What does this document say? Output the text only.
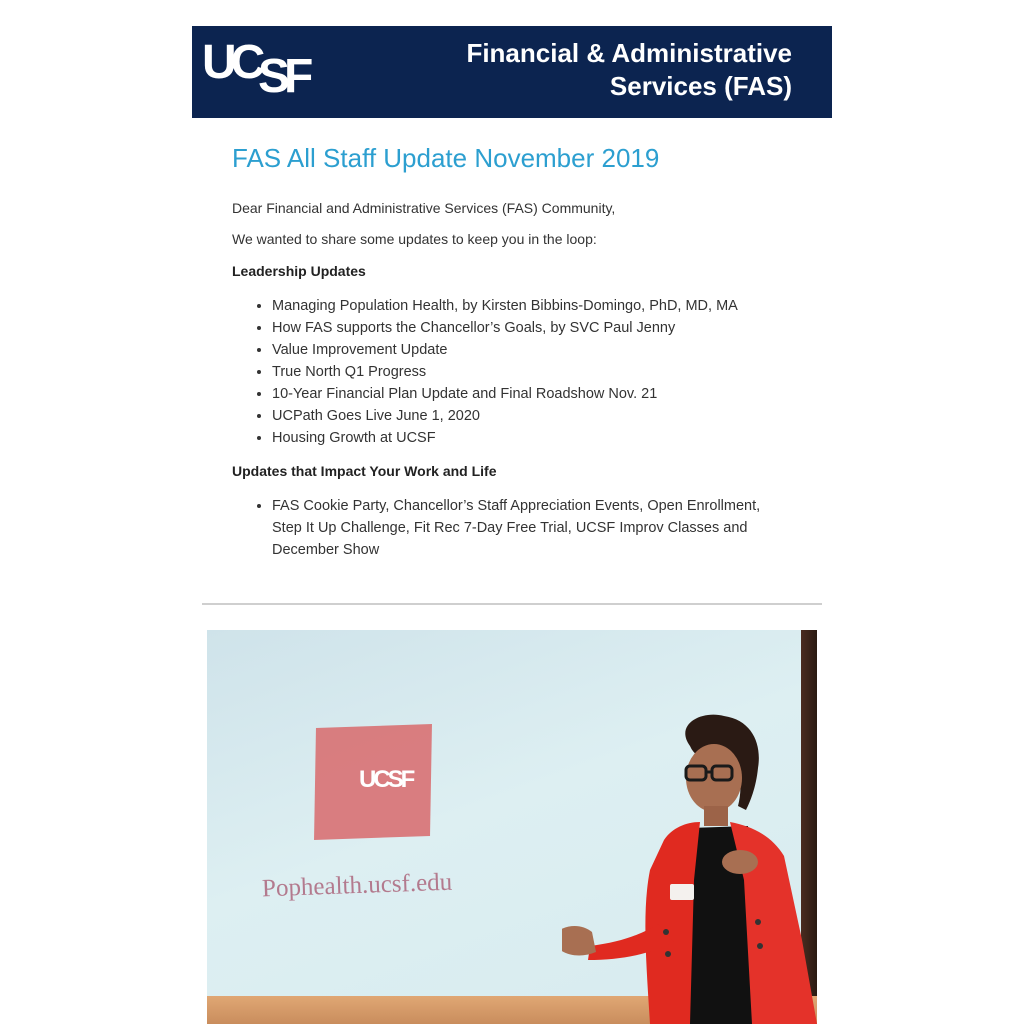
UC
SF	Financial & Administrative
Services (FAS)
FAS All Staff Update November 2019

Dear Financial and Administrative Services (FAS) Community,

We wanted to share some updates to keep you in the loop:

Leadership Updates

• Managing Population Health, by Kirsten Bibbins-Domingo, PhD, MD, MA
• How FAS supports the Chancellor’s Goals, by SVC Paul Jenny
• Value Improvement Update
• True North Q1 Progress
• 10-Year Financial Plan Update and Final Roadshow Nov. 21
• UCPath Goes Live June 1, 2020
• Housing Growth at UCSF

Updates that Impact Your Work and Life

• FAS Cookie Party, Chancellor’s Staff Appreciation Events, Open Enrollment, Step It Up Challenge, Fit Rec 7-Day Free Trial, UCSF Improv Classes and December Show
UCSF
Pophealth.ucsf.edu
